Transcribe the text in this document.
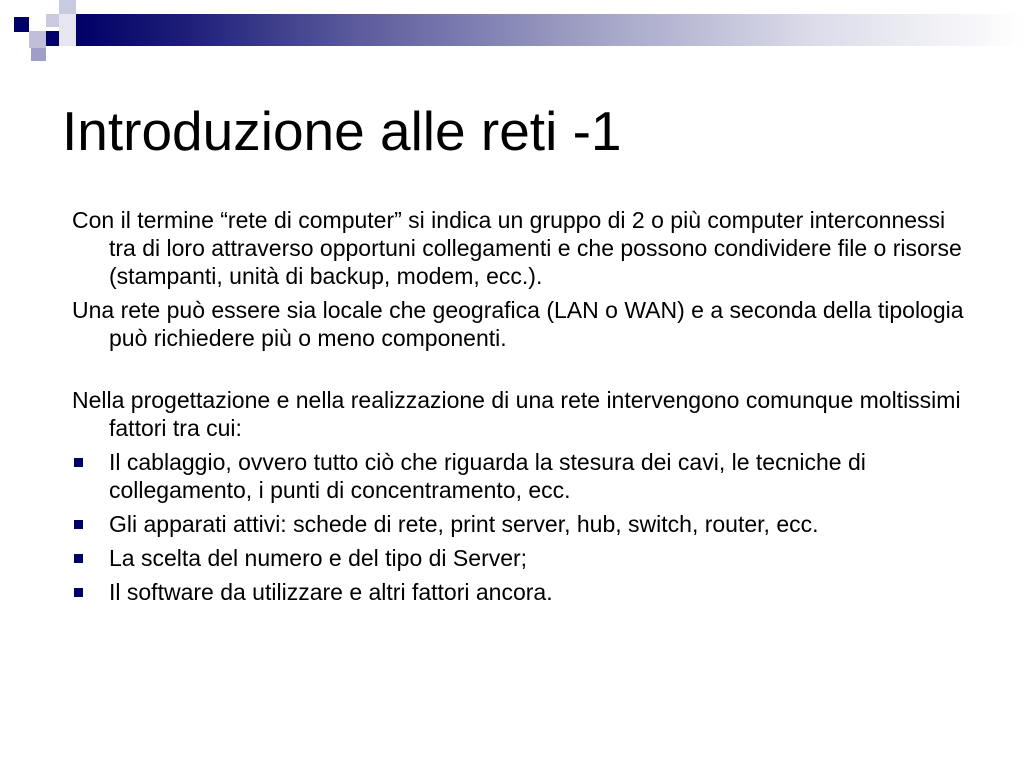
Introduzione alle reti -1

Con il termine “rete di computer” si indica un gruppo di 2 o più computer interconnessi tra di loro attraverso opportuni collegamenti e che possono condividere file o risorse (stampanti, unità di backup, modem, ecc.).

Una rete può essere sia locale che geografica (LAN o WAN) e a seconda della tipologia può richiedere più o meno componenti.

Nella progettazione e nella realizzazione di una rete intervengono comunque moltissimi fattori tra cui:

Il cablaggio, ovvero tutto ciò che riguarda la stesura dei cavi, le tecniche di collegamento, i punti di concentramento, ecc.
Gli apparati attivi: schede di rete, print server, hub, switch, router, ecc.
La scelta del numero e del tipo di Server;
Il software da utilizzare e altri fattori ancora.
